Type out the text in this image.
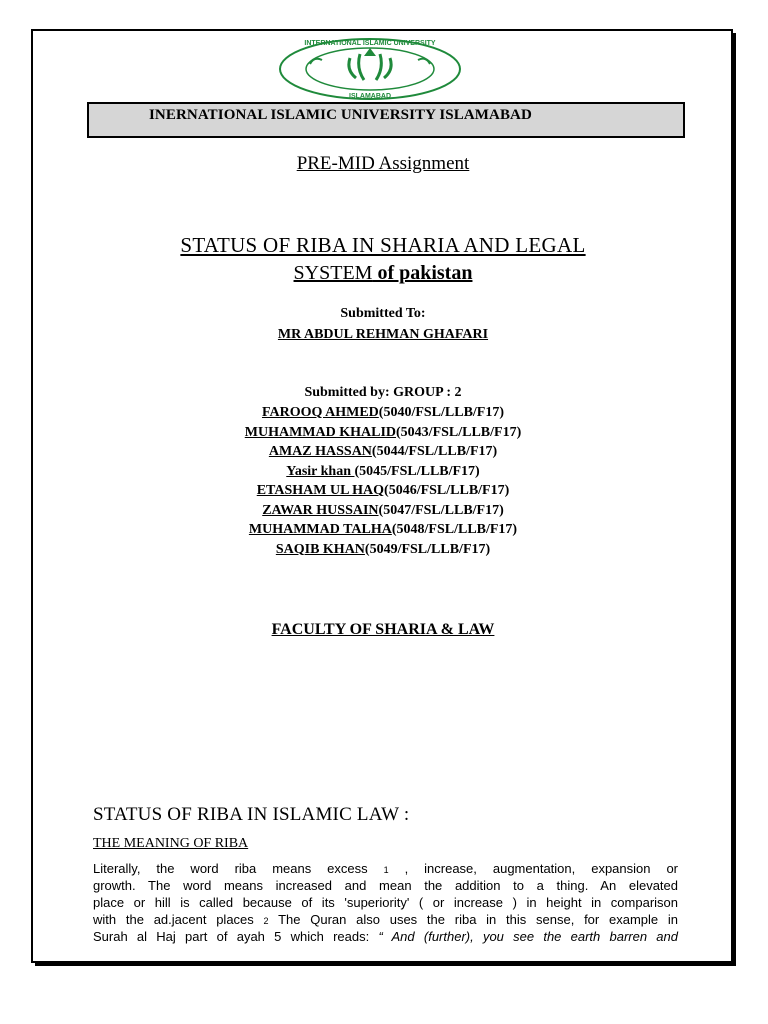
INTERNATIONAL ISLAMIC UNIVERSITY
ISLAMABAD
INERNATIONAL ISLAMIC UNIVERSITY ISLAMABAD
PRE-MID Assignment
STATUS OF RIBA IN SHARIA AND LEGAL
SYSTEM of pakistan
Submitted To:
MR ABDUL REHMAN GHAFARI
Submitted by: GROUP : 2
FAROOQ AHMED(5040/FSL/LLB/F17)
MUHAMMAD KHALID(5043/FSL/LLB/F17)
AMAZ HASSAN(5044/FSL/LLB/F17)
Yasir khan (5045/FSL/LLB/F17)
ETASHAM UL HAQ(5046/FSL/LLB/F17)
ZAWAR HUSSAIN(5047/FSL/LLB/F17)
MUHAMMAD TALHA(5048/FSL/LLB/F17)
SAQIB KHAN(5049/FSL/LLB/F17)
FACULTY OF SHARIA & LAW
STATUS OF RIBA IN ISLAMIC LAW :
THE MEANING OF RIBA
Literally, the word riba means excess 1 , increase, augmentation, expansion or
growth. The word means increased and mean the addition to a thing. An elevated
place or hill is called because of its 'superiority' ( or increase ) in height in comparison
with the ad.jacent places 2 The Quran also uses the riba in this sense, for example in
Surah al Haj part of ayah 5 which reads: “ And (further), you see the earth barren and
